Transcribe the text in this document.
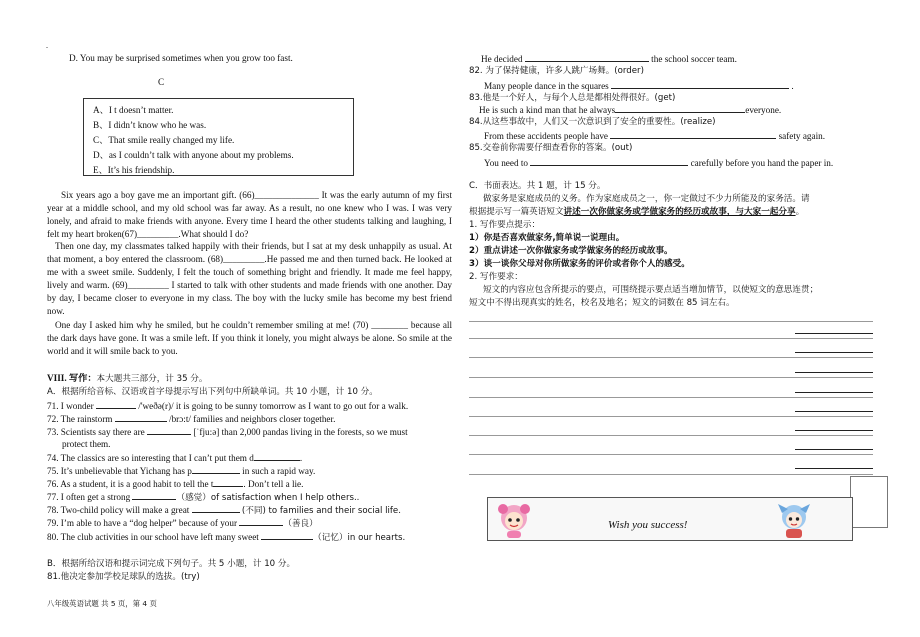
.
D. You may be surprised sometimes when you grow too fast.
C
A、I t doesn’t matter.
B、I didn’t know who he was.
C、That smile really changed my life.
D、as I couldn’t talk with anyone about my problems.
E、It’s his friendship.
Six years ago a boy gave me an important gift. (66)______________ It was the early autumn of my first year at a middle school, and my old school was far away. As a result, no one knew who I was. I was very lonely, and afraid to make friends with anyone. Every time I heard the other students talking and laughing, I felt my heart broken(67)_________.What should I do?
Then one day, my classmates talked happily with their friends, but I sat at my desk unhappily as usual. At that moment, a boy entered the classroom. (68)_________.He passed me and then turned back. He looked at me with a sweet smile. Suddenly, I felt the touch of something bright and friendly. It made me feel happy, lively and warm. (69)_________ I started to talk with other students and made friends with one another. Day by day, I became closer to everyone in my class. The boy with the lucky smile has become my best friend now.
One day I asked him why he smiled, but he couldn’t remember smiling at me! (70) ________ because all the dark days have gone. It was a smile left. If you think it lonely, you might always be alone. So smile at the world and it will smile back to you.
VIII. 写作：本大题共三部分，计 35 分。
A．根据所给音标、汉语或首字母提示写出下列句中所缺单词。共 10 小题，计 10 分。
71. I wonder	/'weðə(r)/ it is going to be sunny tomorrow as I want to go out for a walk.
72. The rainstorm	/brɔ:t/ families and neighbors closer together.
73. Scientists say there are	[ˈfju:ə] than 2,000 pandas living in the forests, so we must
protect them.
74. The classics are so interesting that I can’t put them d	.
75. It’s unbelievable that Yichang has p	in such a rapid way.
76. As a student, it is a good habit to tell the t	. Don’t tell a lie.
77. I often get a strong	（感觉）of satisfaction when I help others..
78. Two-child policy will make a great	(不同) to families and their social life.
79. I’m able to have a “dog helper” because of your	（善良）
80. The club activities in our school have left many sweet	（记忆）in our hearts.
B．根据所给汉语和提示词完成下列句子。共 5 小题，计 10 分。
81.他决定参加学校足球队的选拔。(try)
八年级英语试题 共 5 页，第 4 页
He decided	the school soccer team.
82. 为了保持健康，许多人跳广场舞。(order)
Many people dance in the squares	.
83.他是一个好人，与每个人总是都相处得很好。(get)
He is such a kind man that he always	everyone.
84.从这些事故中，人们又一次意识到了安全的重要性。(realize)
From these accidents people have	safety again.
85.交卷前你需要仔细查看你的答案。(out)
You need to	carefully before you hand the paper in.
C．书面表达。共 1 题，计 15 分。
做家务是家庭成员的义务。作为家庭成员之一，你一定做过不少力所能及的家务活。请
根据提示写一篇英语短文讲述一次你做家务或学做家务的经历或故事，与大家一起分享。
1. 写作要点提示：
1）你是否喜欢做家务,简单说一说理由。
2）重点讲述一次你做家务或学做家务的经历或故事。
3）谈一谈你父母对你所做家务的评价或者你个人的感受。
2. 写作要求：
短文的内容应包含所提示的要点，可围绕提示要点适当增加情节，以使短文的意思连贯；
短文中不得出现真实的姓名，校名及地名；短文的词数在 85 词左右。
Wish you success!
